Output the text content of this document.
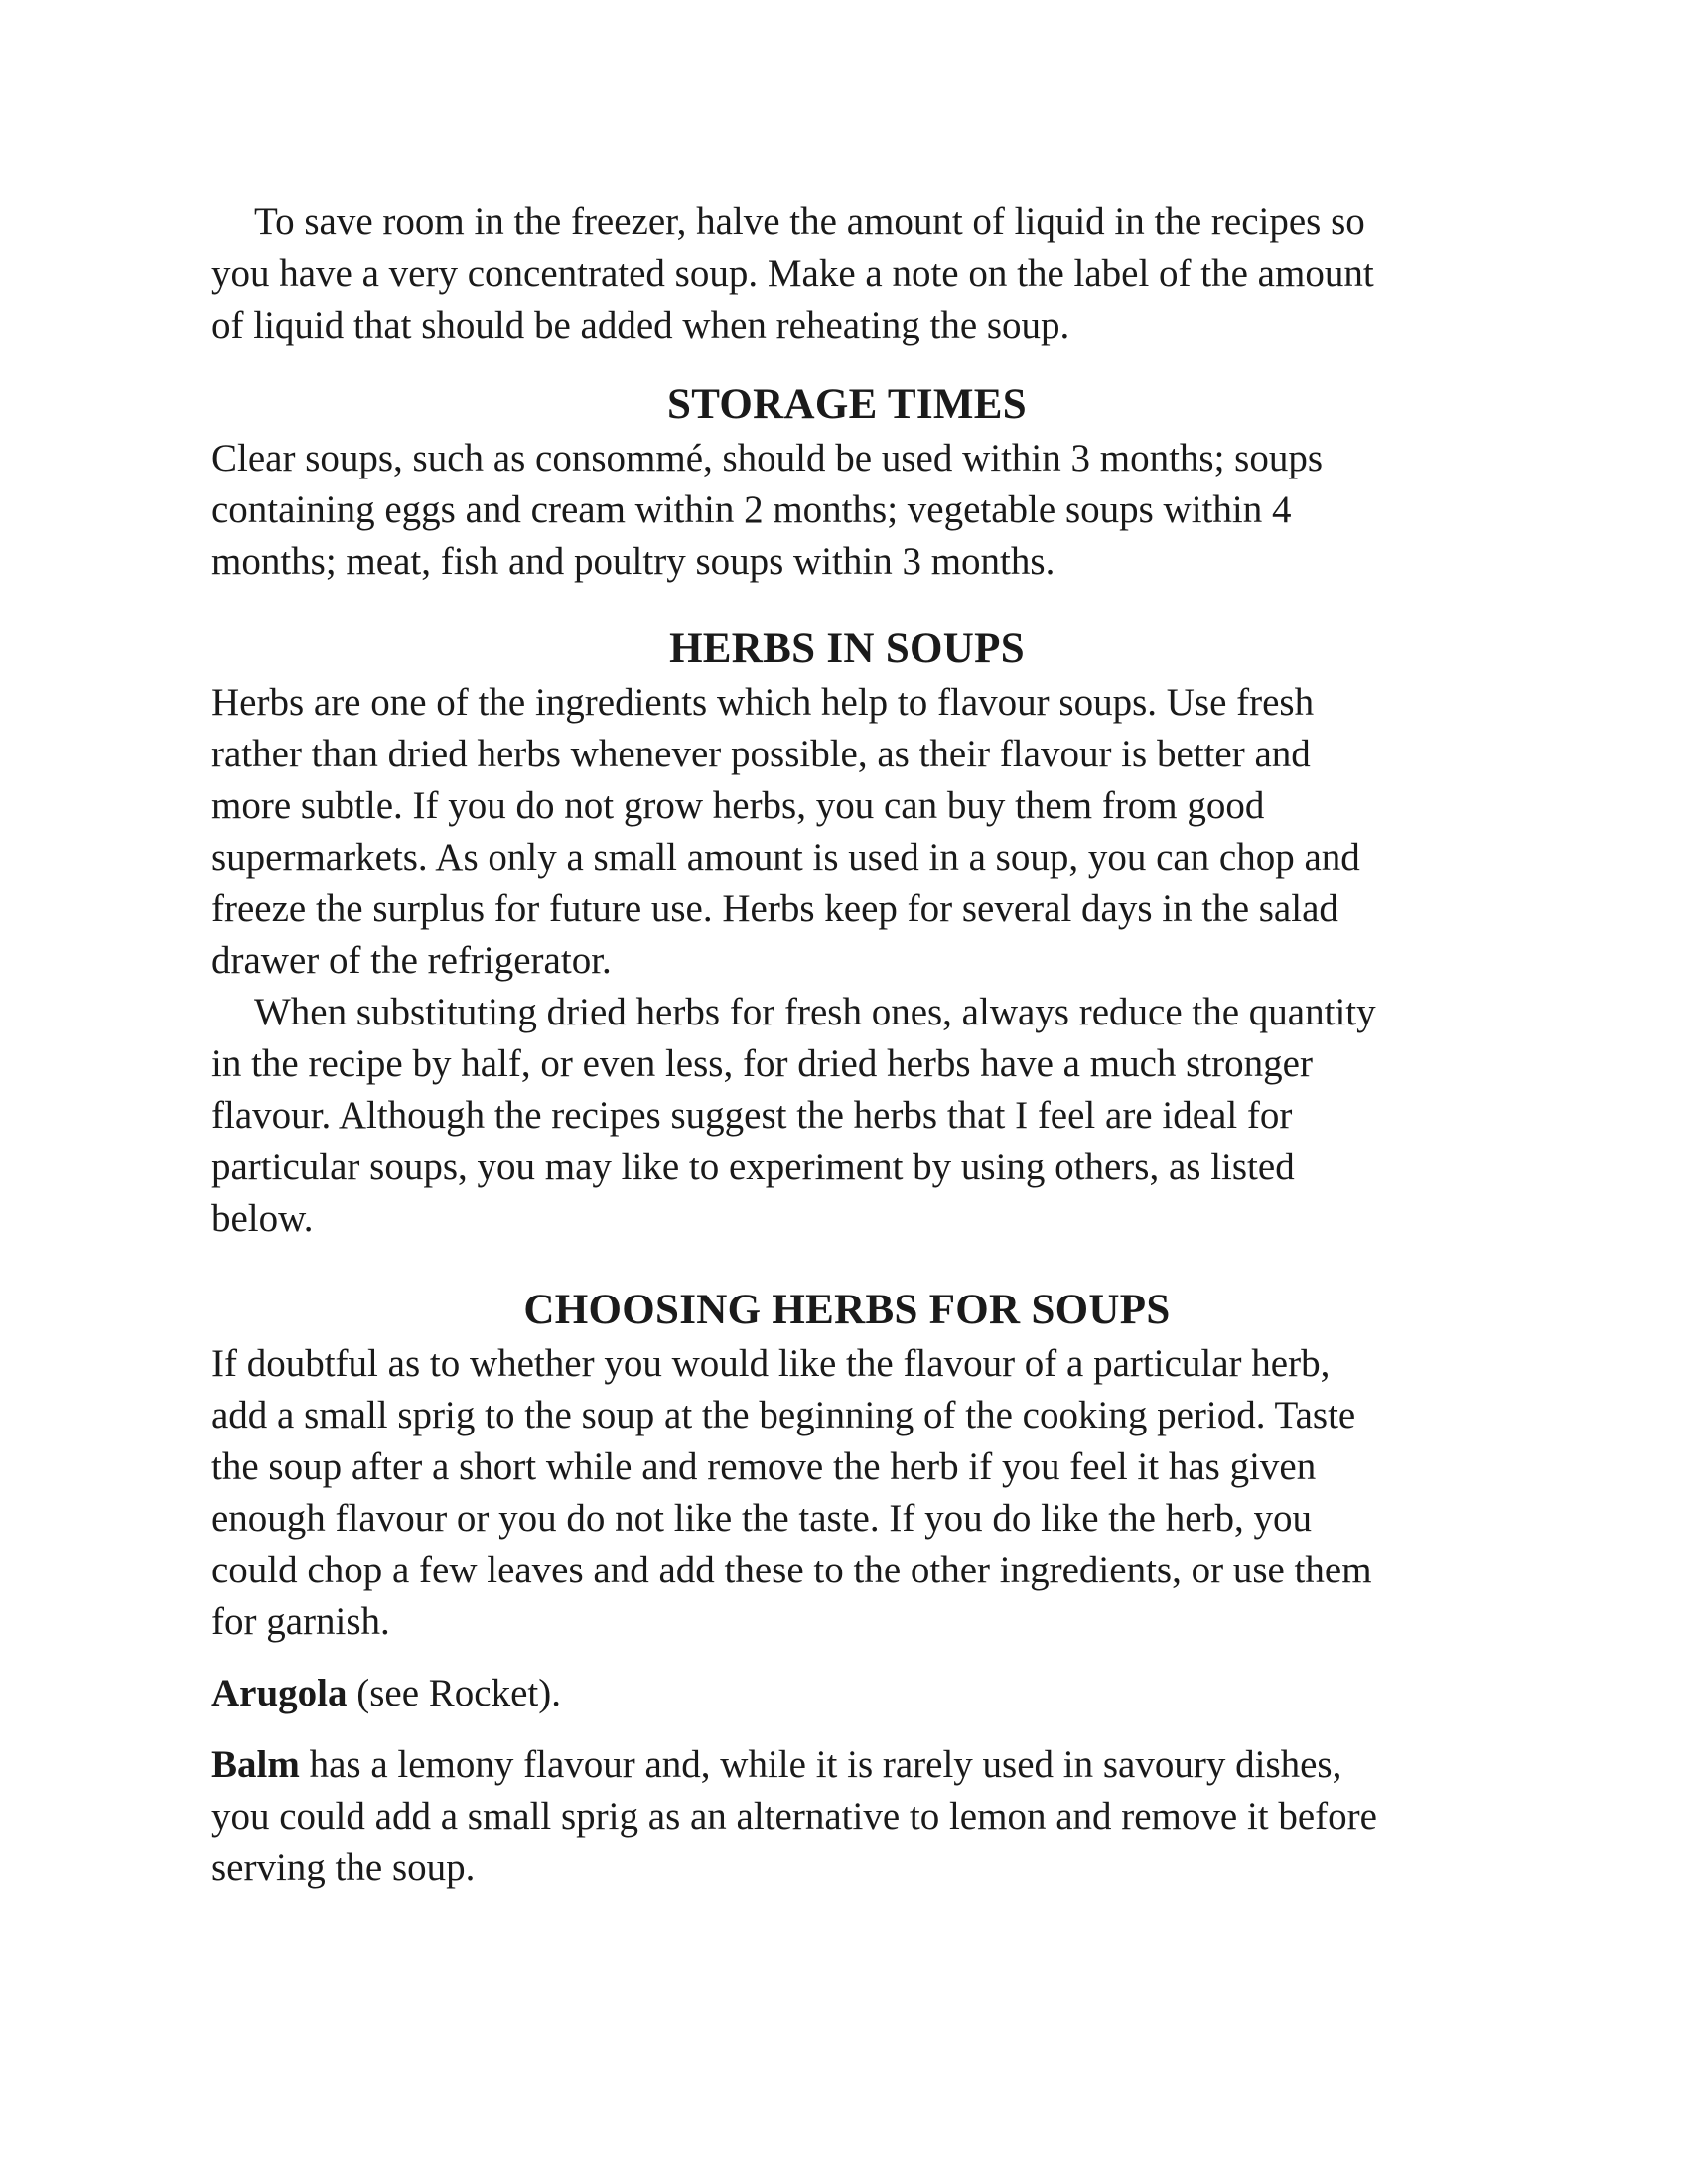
To save room in the freezer, halve the amount of liquid in the recipes so
you have a very concentrated soup. Make a note on the label of the amount
of liquid that should be added when reheating the soup.
STORAGE TIMES
Clear soups, such as consommé, should be used within 3 months; soups
containing eggs and cream within 2 months; vegetable soups within 4
months; meat, fish and poultry soups within 3 months.
HERBS IN SOUPS
Herbs are one of the ingredients which help to flavour soups. Use fresh
rather than dried herbs whenever possible, as their flavour is better and
more subtle. If you do not grow herbs, you can buy them from good
supermarkets. As only a small amount is used in a soup, you can chop and
freeze the surplus for future use. Herbs keep for several days in the salad
drawer of the refrigerator.
When substituting dried herbs for fresh ones, always reduce the quantity
in the recipe by half, or even less, for dried herbs have a much stronger
flavour. Although the recipes suggest the herbs that I feel are ideal for
particular soups, you may like to experiment by using others, as listed
below.
CHOOSING HERBS FOR SOUPS
If doubtful as to whether you would like the flavour of a particular herb,
add a small sprig to the soup at the beginning of the cooking period. Taste
the soup after a short while and remove the herb if you feel it has given
enough flavour or you do not like the taste. If you do like the herb, you
could chop a few leaves and add these to the other ingredients, or use them
for garnish.
Arugola (see Rocket).
Balm has a lemony flavour and, while it is rarely used in savoury dishes,
you could add a small sprig as an alternative to lemon and remove it before
serving the soup.
